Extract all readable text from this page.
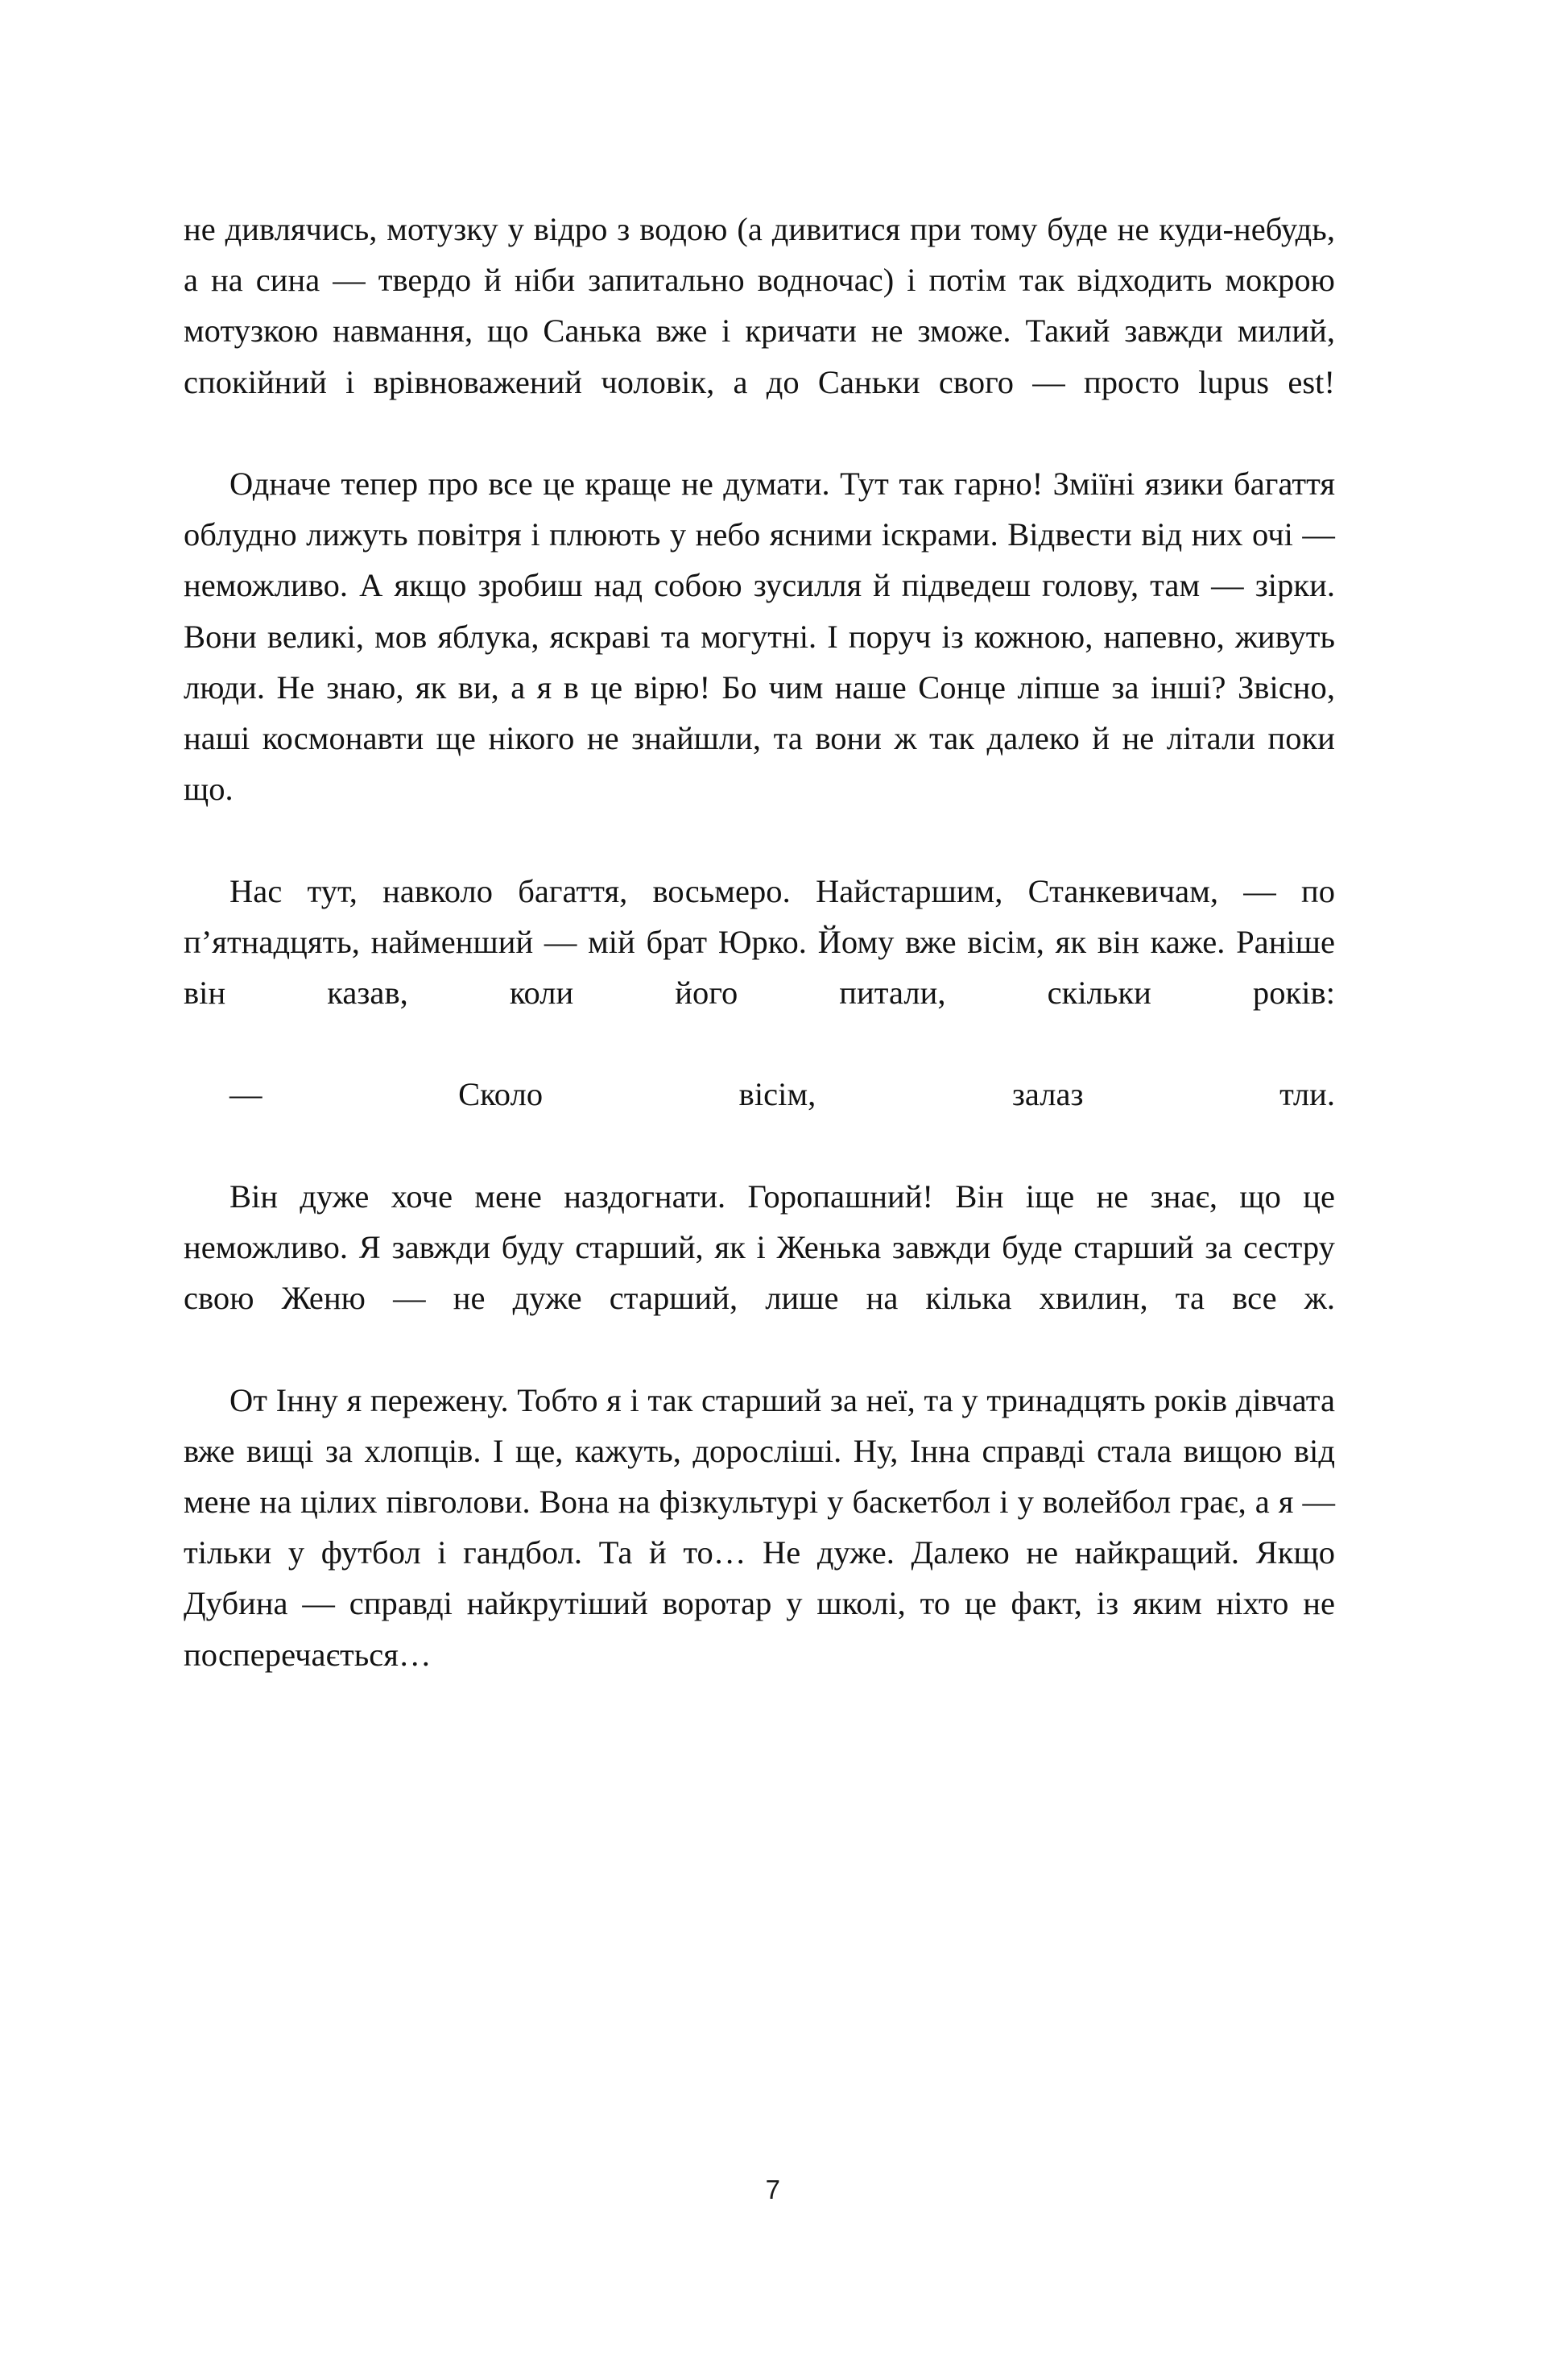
не дивлячись, мотузку у відро з водою (а дивитися при тому буде не куди-небудь, а на сина — твердо й ніби запитально водночас) і потім так відходить мокрою мотузкою навмання, що Санька вже і кричати не зможе. Такий завжди милий, спокійний і врівноважений чоловік, а до Саньки свого — просто lupus est!

Одначе тепер про все це краще не думати. Тут так гарно! Зміїні язики багаття облудно лижуть повітря і плюють у небо ясними іскрами. Відвести від них очі — неможливо. А якщо зробиш над собою зусилля й підведеш голову, там — зірки. Вони великі, мов яблука, яскраві та могутні. І поруч із кожною, напевно, живуть люди. Не знаю, як ви, а я в це вірю! Бо чим наше Сонце ліпше за інші? Звісно, наші космонавти ще нікого не знайшли, та вони ж так далеко й не літали поки що.

Нас тут, навколо багаття, восьмеро. Найстаршим, Станкевичам, — по п’ятнадцять, найменший — мій брат Юрко. Йому вже вісім, як він каже. Раніше він казав, коли його питали, скільки років:

— Сколо вісім, залаз тли.

Він дуже хоче мене наздогнати. Горопашний! Він іще не знає, що це неможливо. Я завжди буду старший, як і Женька завжди буде старший за сестру свою Женю — не дуже старший, лише на кілька хвилин, та все ж.

От Інну я пережену. Тобто я і так старший за неї, та у тринадцять років дівчата вже вищі за хлопців. І ще, кажуть, дорослішi. Ну, Інна справді стала вищою від мене на цілих півголови. Вона на фізкультурі у баскетбол і у волейбол грає, а я — тільки у футбол і гандбол. Та й то… Не дуже. Далеко не найкращий. Якщо Дубина — справді найкрутіший воротар у школі, то це факт, із яким ніхто не посперечається…

7
